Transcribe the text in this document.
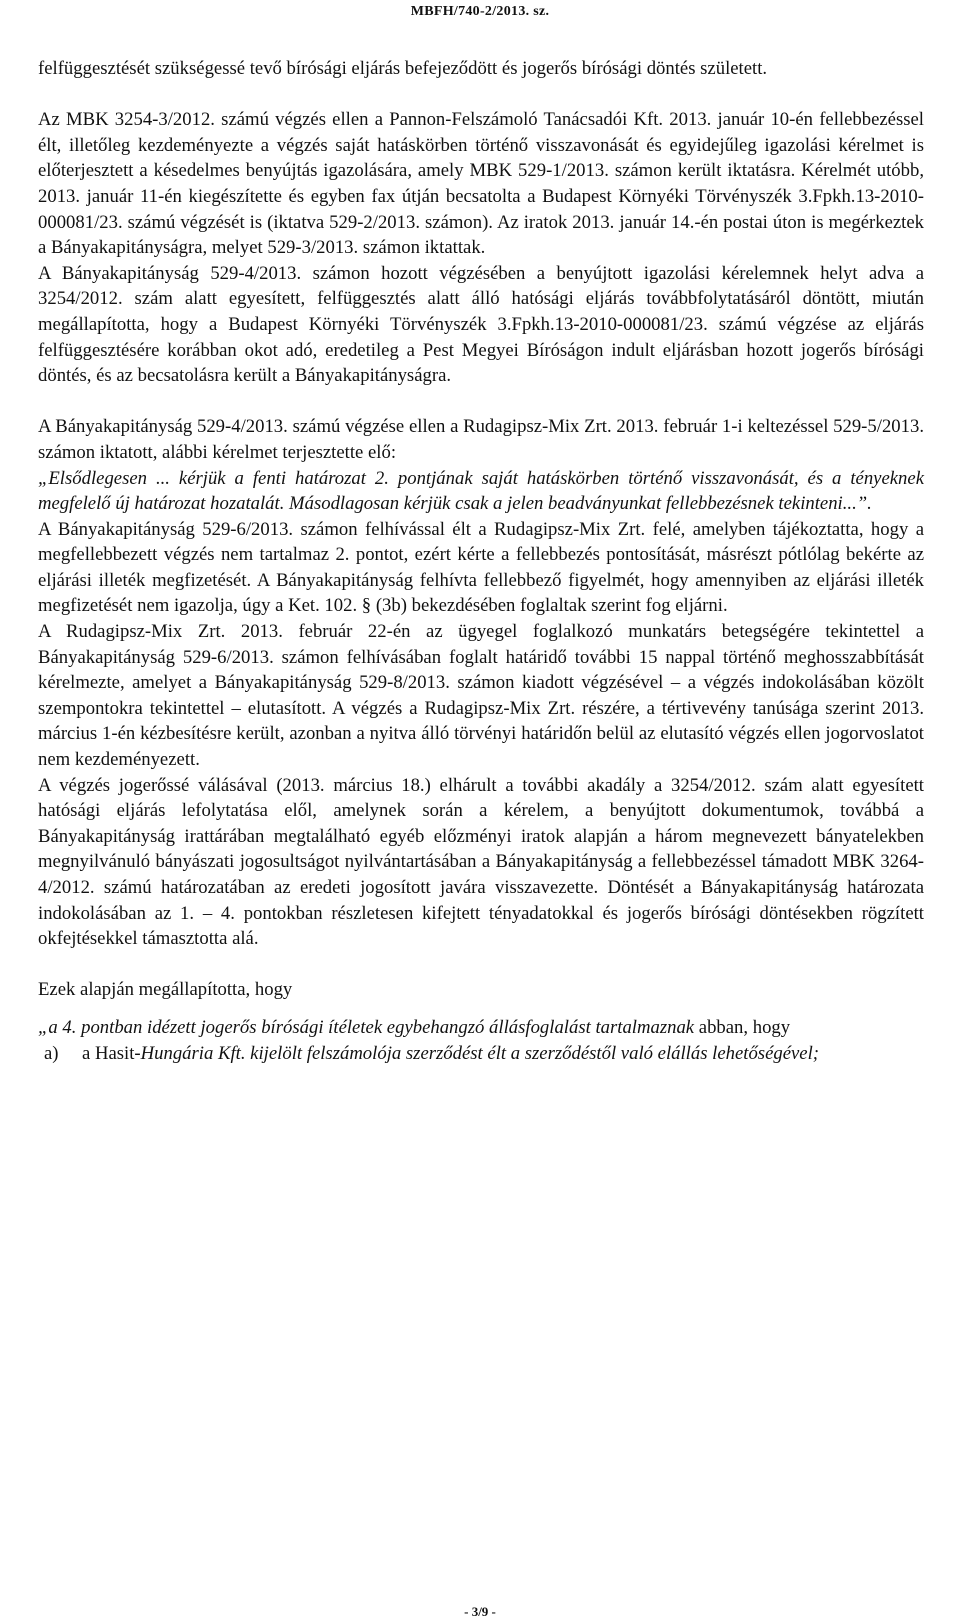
MBFH/740-2/2013. sz.

felfüggesztését szükségessé tevő bírósági eljárás befejeződött és jogerős bírósági döntés született.

Az MBK 3254-3/2012. számú végzés ellen a Pannon-Felszámoló Tanácsadói Kft. 2013. január 10-én fellebbezéssel élt, illetőleg kezdeményezte a végzés saját hatáskörben történő visszavonását és egyidejűleg igazolási kérelmet is előterjesztett a késedelmes benyújtás igazolására, amely MBK 529-1/2013. számon került iktatásra. Kérelmét utóbb, 2013. január 11-én kiegészítette és egyben fax útján becsatolta a Budapest Környéki Törvényszék 3.Fpkh.13-2010-000081/23. számú végzését is (iktatva 529-2/2013. számon). Az iratok 2013. január 14.-én postai úton is megérkeztek a Bányakapitányságra, melyet 529-3/2013. számon iktattak.

A Bányakapitányság 529-4/2013. számon hozott végzésében a benyújtott igazolási kérelemnek helyt adva a 3254/2012. szám alatt egyesített, felfüggesztés alatt álló hatósági eljárás továbbfolytatásáról döntött, miután megállapította, hogy a Budapest Környéki Törvényszék 3.Fpkh.13-2010-000081/23. számú végzése az eljárás felfüggesztésére korábban okot adó, eredetileg a Pest Megyei Bíróságon indult eljárásban hozott jogerős bírósági döntés, és az becsatolásra került a Bányakapitányságra.

A Bányakapitányság 529-4/2013. számú végzése ellen a Rudagipsz-Mix Zrt. 2013. február 1-i keltezéssel 529-5/2013. számon iktatott, alábbi kérelmet terjesztette elő:

„Elsődlegesen ... kérjük a fenti határozat 2. pontjának saját hatáskörben történő visszavonását, és a tényeknek megfelelő új határozat hozatalát. Másodlagosan kérjük csak a jelen beadványunkat fellebbezésnek tekinteni...”.

A Bányakapitányság 529-6/2013. számon felhívással élt a Rudagipsz-Mix Zrt. felé, amelyben tájékoztatta, hogy a megfellebbezett végzés nem tartalmaz 2. pontot, ezért kérte a fellebbezés pontosítását, másrészt pótlólag bekérte az eljárási illeték megfizetését. A Bányakapitányság felhívta fellebbező figyelmét, hogy amennyiben az eljárási illeték megfizetését nem igazolja, úgy a Ket. 102. § (3b) bekezdésében foglaltak szerint fog eljárni.

A Rudagipsz-Mix Zrt. 2013. február 22-én az ügyegel foglalkozó munkatárs betegségére tekintettel a Bányakapitányság 529-6/2013. számon felhívásában foglalt határidő további 15 nappal történő meghosszabbítását kérelmezte, amelyet a Bányakapitányság 529-8/2013. számon kiadott végzésével – a végzés indokolásában közölt szempontokra tekintettel – elutasított. A végzés a Rudagipsz-Mix Zrt. részére, a tértivevény tanúsága szerint 2013. március 1-én kézbesítésre került, azonban a nyitva álló törvényi határidőn belül az elutasító végzés ellen jogorvoslatot nem kezdeményezett.

A végzés jogerőssé válásával (2013. március 18.) elhárult a további akadály a 3254/2012. szám alatt egyesített hatósági eljárás lefolytatása elől, amelynek során a kérelem, a benyújtott dokumentumok, továbbá a Bányakapitányság irattárában megtalálható egyéb előzményi iratok alapján a három megnevezett bányatelekben megnyilvánuló bányászati jogosultságot nyilvántartásában a Bányakapitányság a fellebbezéssel támadott MBK 3264-4/2012. számú határozatában az eredeti jogosított javára visszavezette. Döntését a Bányakapitányság határozata indokolásában az 1. – 4. pontokban részletesen kifejtett tényadatokkal és jogerős bírósági döntésekben rögzített okfejtésekkel támasztotta alá.

Ezek alapján megállapította, hogy

„a 4. pontban idézett jogerős bírósági ítéletek egybehangzó állásfoglalást tartalmaznak abban, hogy

a) a Hasit-Hungária Kft. kijelölt felszámolója szerződést élt a szerződéstől való elállás lehetőségével;

- 3/9 -
